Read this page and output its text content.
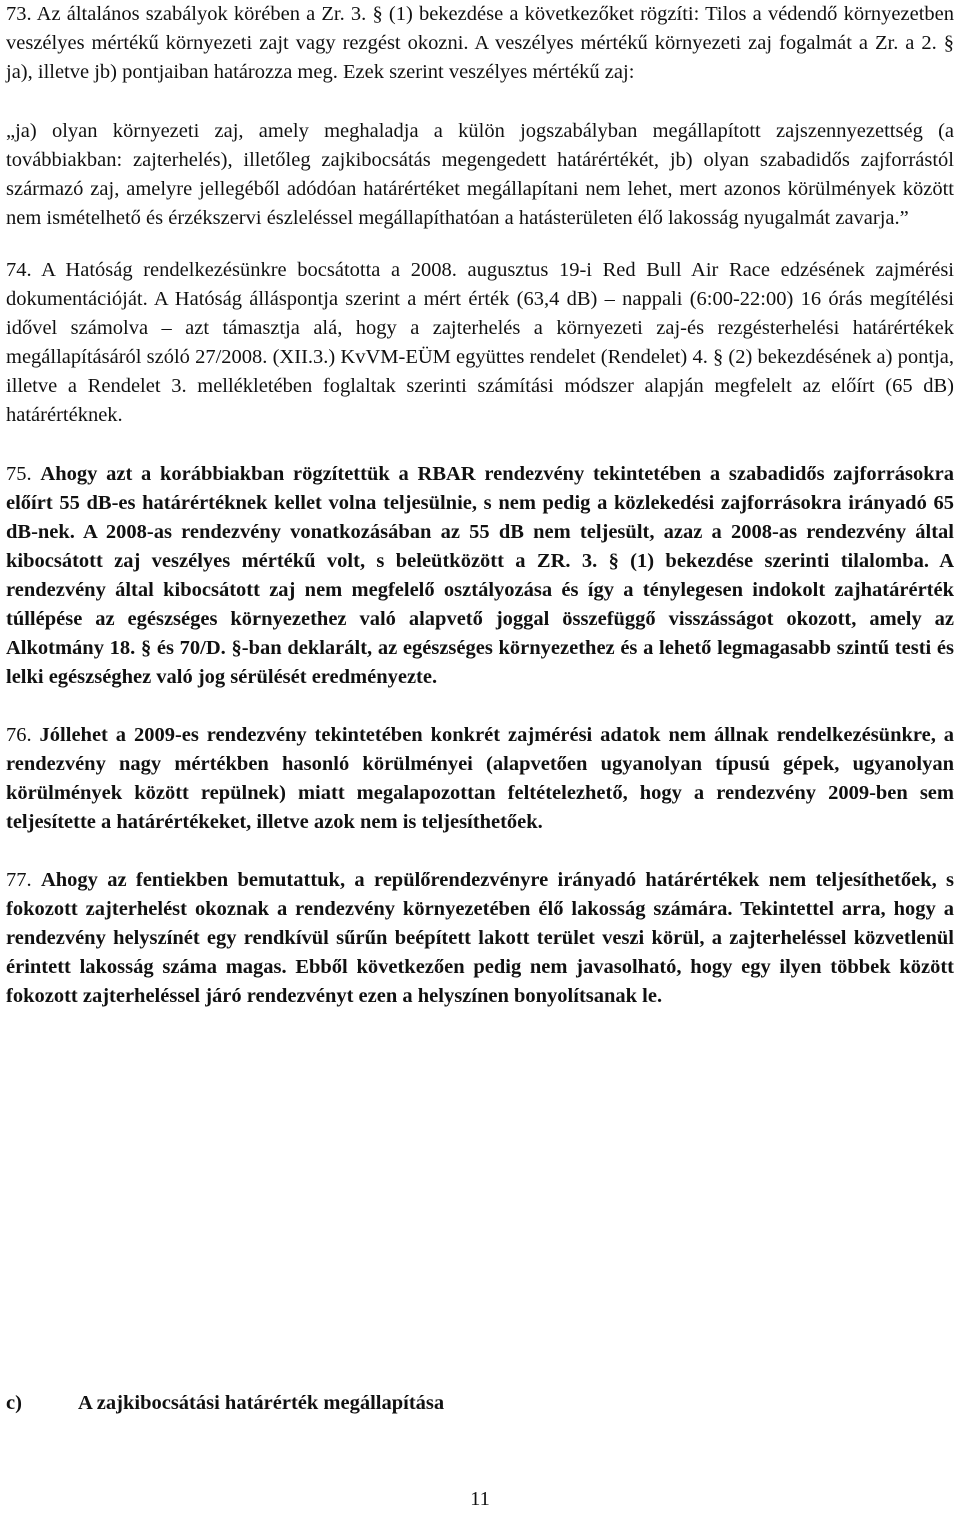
73. Az általános szabályok körében a Zr. 3. § (1) bekezdése a következőket rögzíti: Tilos a védendő környezetben veszélyes mértékű környezeti zajt vagy rezgést okozni. A veszélyes mértékű környezeti zaj fogalmát a Zr. a 2. § ja), illetve jb) pontjaiban határozza meg. Ezek szerint veszélyes mértékű zaj:

„ja) olyan környezeti zaj, amely meghaladja a külön jogszabályban megállapított zajszennyezettség (a továbbiakban: zajterhelés), illetőleg zajkibocsátás megengedett határértékét, jb) olyan szabadidős zajforrástól származó zaj, amelyre jellegéből adódóan határértéket megállapítani nem lehet, mert azonos körülmények között nem ismételhető és érzékszervi észleléssel megállapíthatóan a hatásterületen élő lakosság nyugalmát zavarja.”

74. A Hatóság rendelkezésünkre bocsátotta a 2008. augusztus 19-i Red Bull Air Race edzésének zajmérési dokumentációját. A Hatóság álláspontja szerint a mért érték (63,4 dB) – nappali (6:00-22:00) 16 órás megítélési idővel számolva – azt támasztja alá, hogy a zajterhelés a környezeti zaj-és rezgésterhelési határértékek megállapításáról szóló 27/2008. (XII.3.) KvVM-EÜM együttes rendelet (Rendelet) 4. § (2) bekezdésének a) pontja, illetve a Rendelet 3. mellékletében foglaltak szerinti számítási módszer alapján megfelelt az előírt (65 dB) határértéknek.

75. Ahogy azt a korábbiakban rögzítettük a RBAR rendezvény tekintetében a szabadidős zajforrásokra előírt 55 dB-es határértéknek kellet volna teljesülnie, s nem pedig a közlekedési zajforrásokra irányadó 65 dB-nek. A 2008-as rendezvény vonatkozásában az 55 dB nem teljesült, azaz a 2008-as rendezvény által kibocsátott zaj veszélyes mértékű volt, s beleütközött a ZR. 3. § (1) bekezdése szerinti tilalomba. A rendezvény által kibocsátott zaj nem megfelelő osztályozása és így a ténylegesen indokolt zajhatárérték túllépése az egészséges környezethez való alapvető joggal összefüggő visszásságot okozott, amely az Alkotmány 18. § és 70/D. §-ban deklarált, az egészséges környezethez és a lehető legmagasabb szintű testi és lelki egészséghez való jog sérülését eredményezte.

76. Jóllehet a 2009-es rendezvény tekintetében konkrét zajmérési adatok nem állnak rendelkezésünkre, a rendezvény nagy mértékben hasonló körülményei (alapvetően ugyanolyan típusú gépek, ugyanolyan körülmények között repülnek) miatt megalapozottan feltételezhető, hogy a rendezvény 2009-ben sem teljesítette a határértékeket, illetve azok nem is teljesíthetőek.

77. Ahogy az fentiekben bemutattuk, a repülőrendezvényre irányadó határértékek nem teljesíthetőek, s fokozott zajterhelést okoznak a rendezvény környezetében élő lakosság számára. Tekintettel arra, hogy a rendezvény helyszínét egy rendkívül sűrűn beépített lakott terület veszi körül, a zajterheléssel közvetlenül érintett lakosság száma magas. Ebből következően pedig nem javasolható, hogy egy ilyen többek között fokozott zajterheléssel járó rendezvényt ezen a helyszínen bonyolítsanak le.

c)	A zajkibocsátási határérték megállapítása
11
